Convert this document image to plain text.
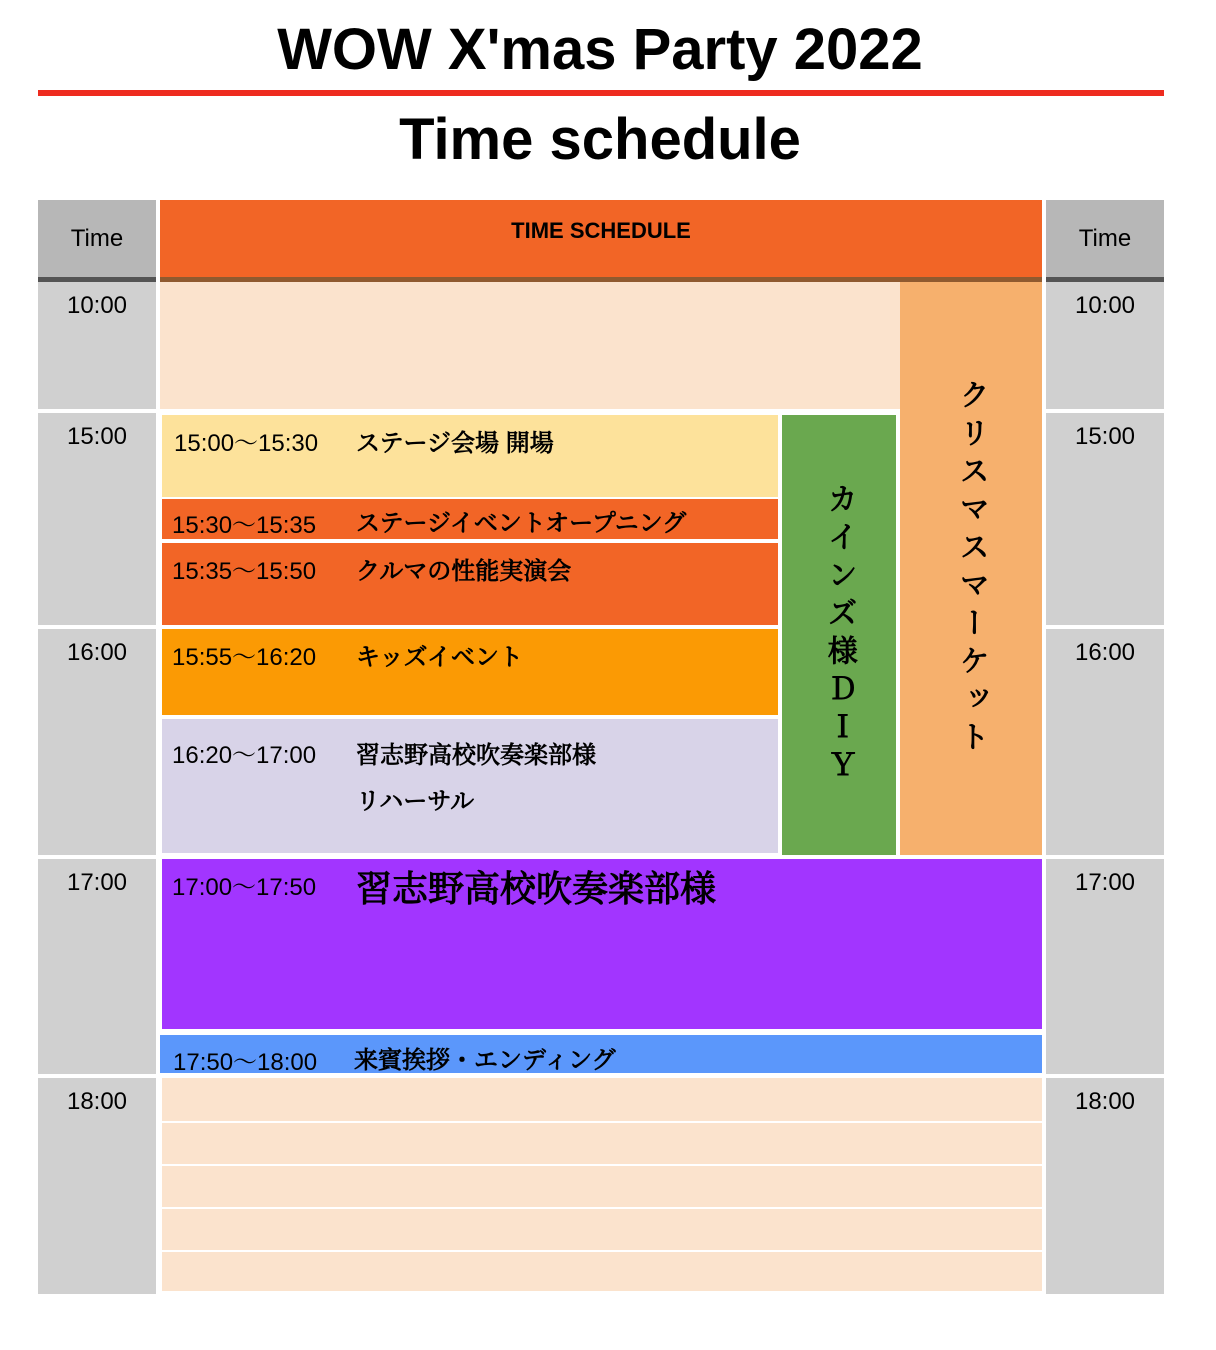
WOW X'mas Party 2022
Time schedule
Time
10:00
15:00
16:00
17:00
18:00
Time
10:00
15:00
16:00
17:00
18:00
TIME SCHEDULE
15:00〜15:30 ステージ会場 開場
15:30〜15:35 ステージイベントオープニング
15:35〜15:50 クルマの性能実演会
15:55〜16:20 キッズイベント
16:20〜17:00 習志野高校吹奏楽部様
リハーサル
17:00〜17:50 習志野高校吹奏楽部様
17:50〜18:00 来賓挨拶・エンディング
カインズ様ＤＩＹ	クリスマスマーケット
